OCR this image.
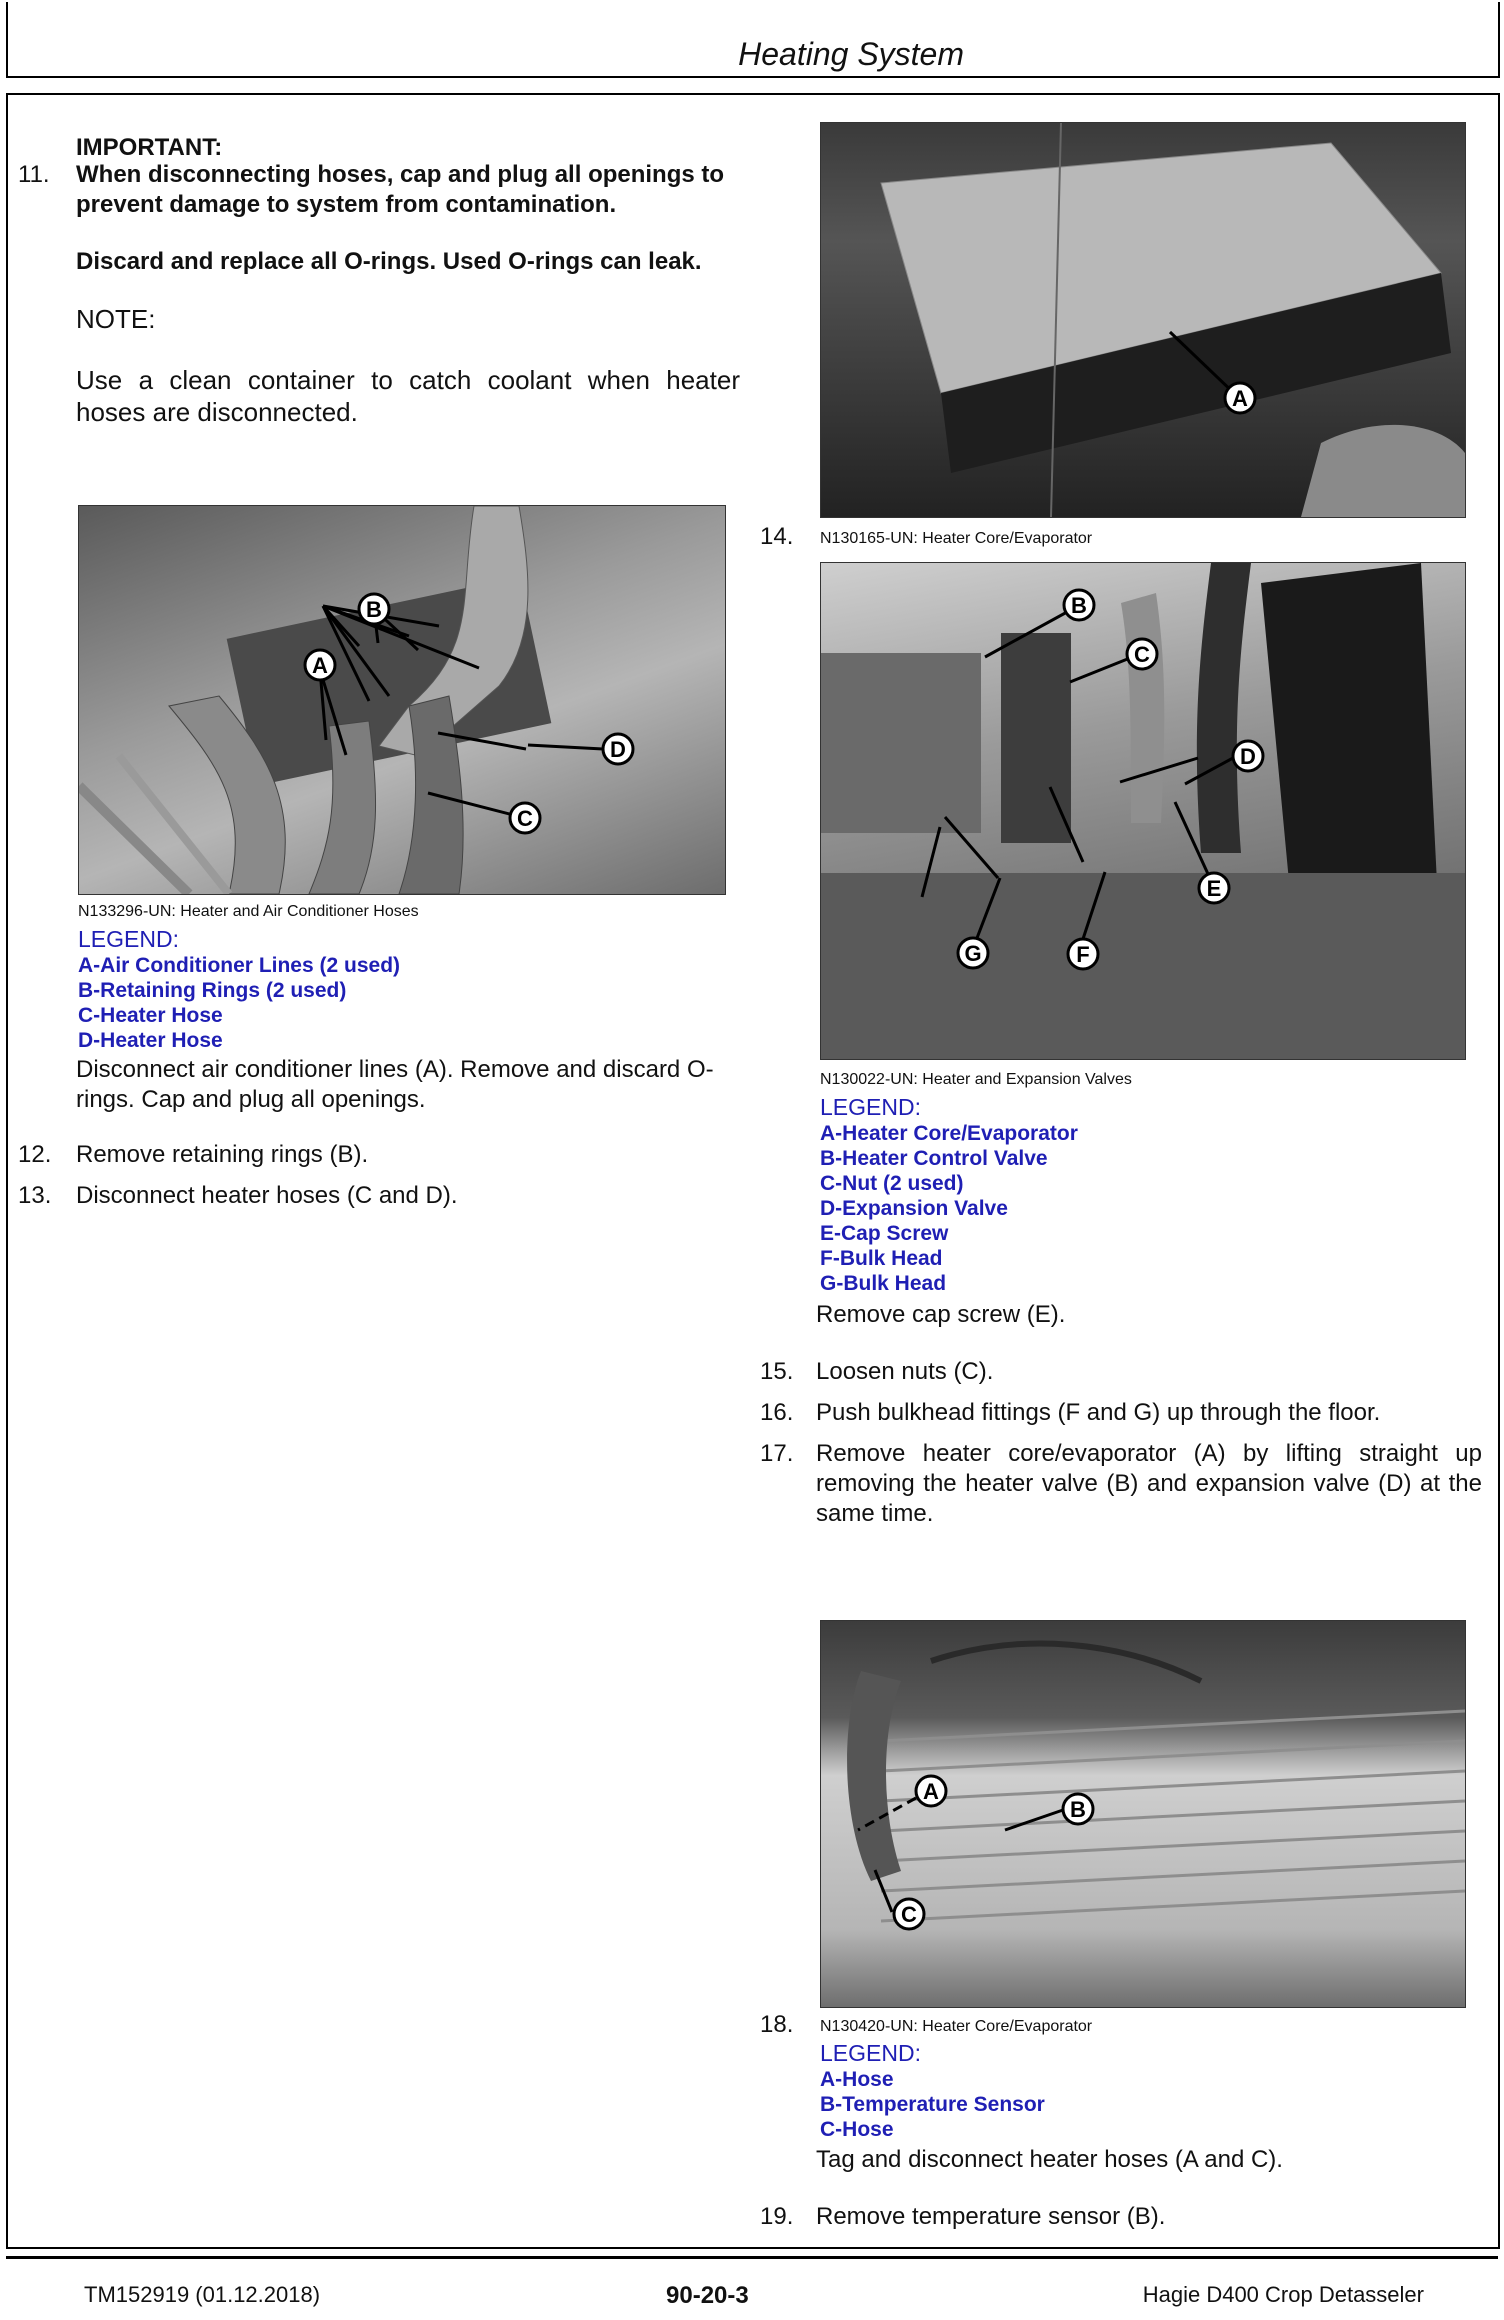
Heating System
IMPORTANT:
11. When disconnecting hoses, cap and plug all openings to prevent damage to system from contamination.
Discard and replace all O-rings. Used O-rings can leak.
NOTE:
Use a clean container to catch coolant when heater hoses are disconnected.
A
B
C
D
N133296-UN: Heater and Air Conditioner Hoses
LEGEND:
A-Air Conditioner Lines (2 used)
B-Retaining Rings (2 used)
C-Heater Hose
D-Heater Hose
Disconnect air conditioner lines (A). Remove and discard O-rings. Cap and plug all openings.
12. Remove retaining rings (B).
13. Disconnect heater hoses (C and D).
A
14. N130165-UN: Heater Core/Evaporator
B
C
D
E
F
G
N130022-UN: Heater and Expansion Valves
LEGEND:
A-Heater Core/Evaporator
B-Heater Control Valve
C-Nut (2 used)
D-Expansion Valve
E-Cap Screw
F-Bulk Head
G-Bulk Head
Remove cap screw (E).
15. Loosen nuts (C).
16. Push bulkhead fittings (F and G) up through the floor.
17. Remove heater core/evaporator (A) by lifting straight up removing the heater valve (B) and expansion valve (D) at the same time.
A
B
C
18. N130420-UN: Heater Core/Evaporator
LEGEND:
A-Hose
B-Temperature Sensor
C-Hose
Tag and disconnect heater hoses (A and C).
19. Remove temperature sensor (B).
TM152919 (01.12.2018)	90-20-3	Hagie D400 Crop Detasseler
